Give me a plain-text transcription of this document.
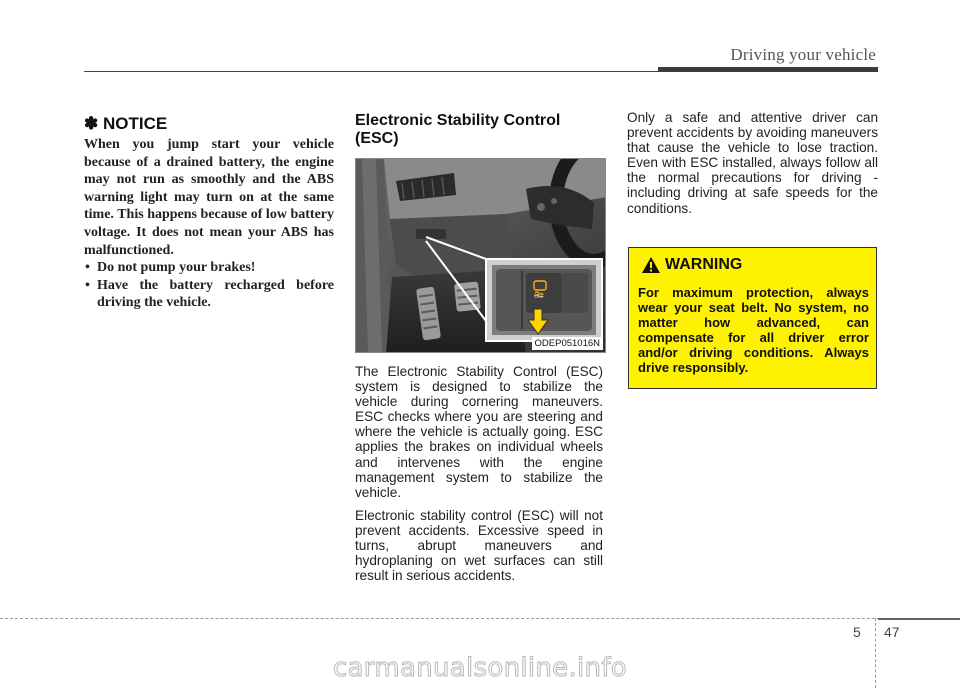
Driving your vehicle
✽ NOTICE

When you jump start your vehicle because of a drained battery, the engine may not run as smoothly and the ABS warning light may turn on at the same time. This happens because of low battery voltage. It does not mean your ABS has malfunctioned.

• Do not pump your brakes!
• Have the battery recharged before driving the vehicle.
Electronic Stability Control (ESC)
OFF
ODEP051016N

The Electronic Stability Control (ESC) system is designed to stabilize the vehicle during cornering maneuvers. ESC checks where you are steering and where the vehicle is actually going. ESC applies the brakes on individual wheels and intervenes with the engine management system to stabilize the vehicle.

Electronic stability control (ESC) will not prevent accidents. Excessive speed in turns, abrupt maneuvers and hydroplaning on wet surfaces can still result in serious accidents.

Only a safe and attentive driver can prevent accidents by avoiding maneuvers that cause the vehicle to lose traction. Even with ESC installed, always follow all the normal precautions for driving - including driving at safe speeds for the conditions.
WARNING
For maximum protection, always wear your seat belt. No system, no matter how advanced, can compensate for all driver error and/or driving conditions. Always drive responsibly.
5 47
carmanualsonline.info
